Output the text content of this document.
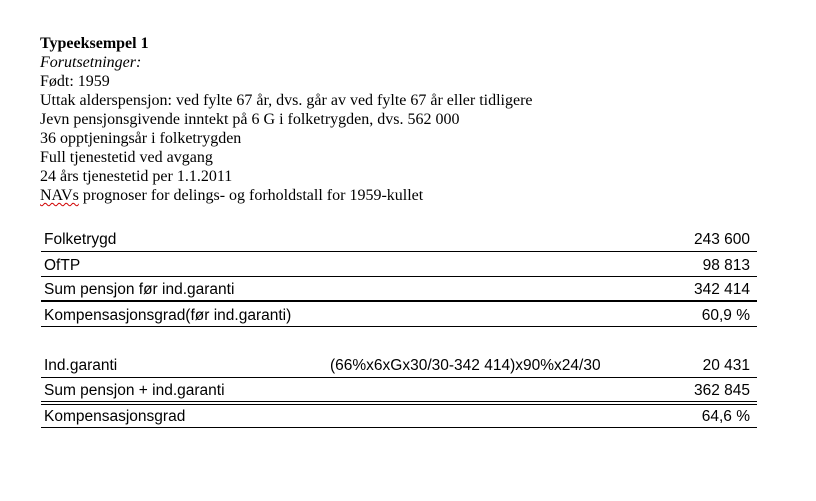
Typeeksempel 1
Forutsetninger:
Født: 1959
Uttak alderspensjon: ved fylte 67 år, dvs. går av ved fylte 67 år eller tidligere
Jevn pensjonsgivende inntekt på 6 G i folketrygden, dvs. 562 000
36 opptjeningsår i folketrygden
Full tjenestetid ved avgang
24 års tjenestetid per 1.1.2011
NAVs prognoser for delings- og forholdstall for 1959-kullet
Folketrygd	243 600
OfTP	98 813
Sum pensjon før ind.garanti	342 414
Kompensasjonsgrad(før ind.garanti)	60,9 %
Ind.garanti	(66%x6xGx30/30-342 414)x90%x24/30	20 431
Sum pensjon + ind.garanti	362 845
Kompensasjonsgrad	64,6 %
